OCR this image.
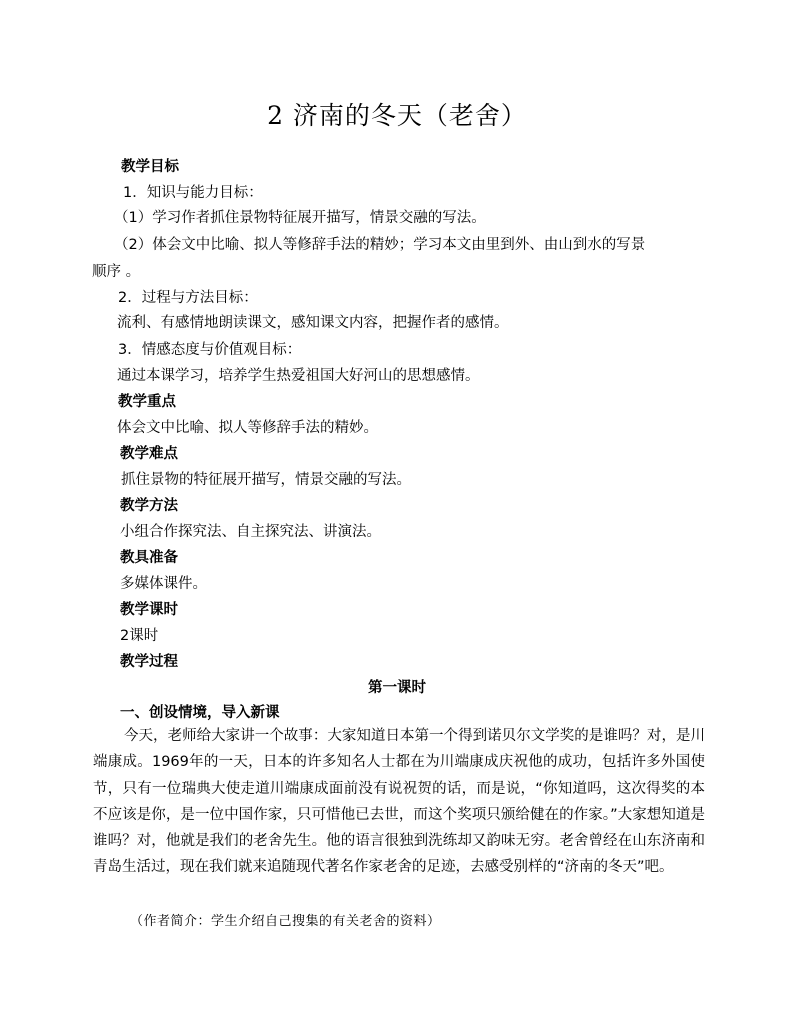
2 济南的冬天（老舍）
教学目标
1．知识与能力目标：
（1）学习作者抓住景物特征展开描写，情景交融的写法。
（2）体会文中比喻、拟人等修辞手法的精妙；学习本文由里到外、由山到水的写景
顺序 。
2．过程与方法目标：
流利、有感情地朗读课文，感知课文内容，把握作者的感情。
3．情感态度与价值观目标：
通过本课学习，培养学生热爱祖国大好河山的思想感情。
教学重点
体会文中比喻、拟人等修辞手法的精妙。
教学难点
抓住景物的特征展开描写，情景交融的写法。
教学方法
小组合作探究法、自主探究法、讲演法。
教具准备
多媒体课件。
教学课时
2课时
教学过程
第一课时
一、创设情境，导入新课
今天，老师给大家讲一个故事：大家知道日本第一个得到诺贝尔文学奖的是谁吗？对，是川端康成。1969年的一天，日本的许多知名人士都在为川端康成庆祝他的成功，包括许多外国使节，只有一位瑞典大使走道川端康成面前没有说祝贺的话，而是说，“你知道吗，这次得奖的本不应该是你，是一位中国作家，只可惜他已去世，而这个奖项只颁给健在的作家。”大家想知道是谁吗？对，他就是我们的老舍先生。他的语言很独到洗练却又韵味无穷。老舍曾经在山东济南和青岛生活过，现在我们就来追随现代著名作家老舍的足迹，去感受别样的“济南的冬天”吧。
（作者简介：学生介绍自己搜集的有关老舍的资料）
